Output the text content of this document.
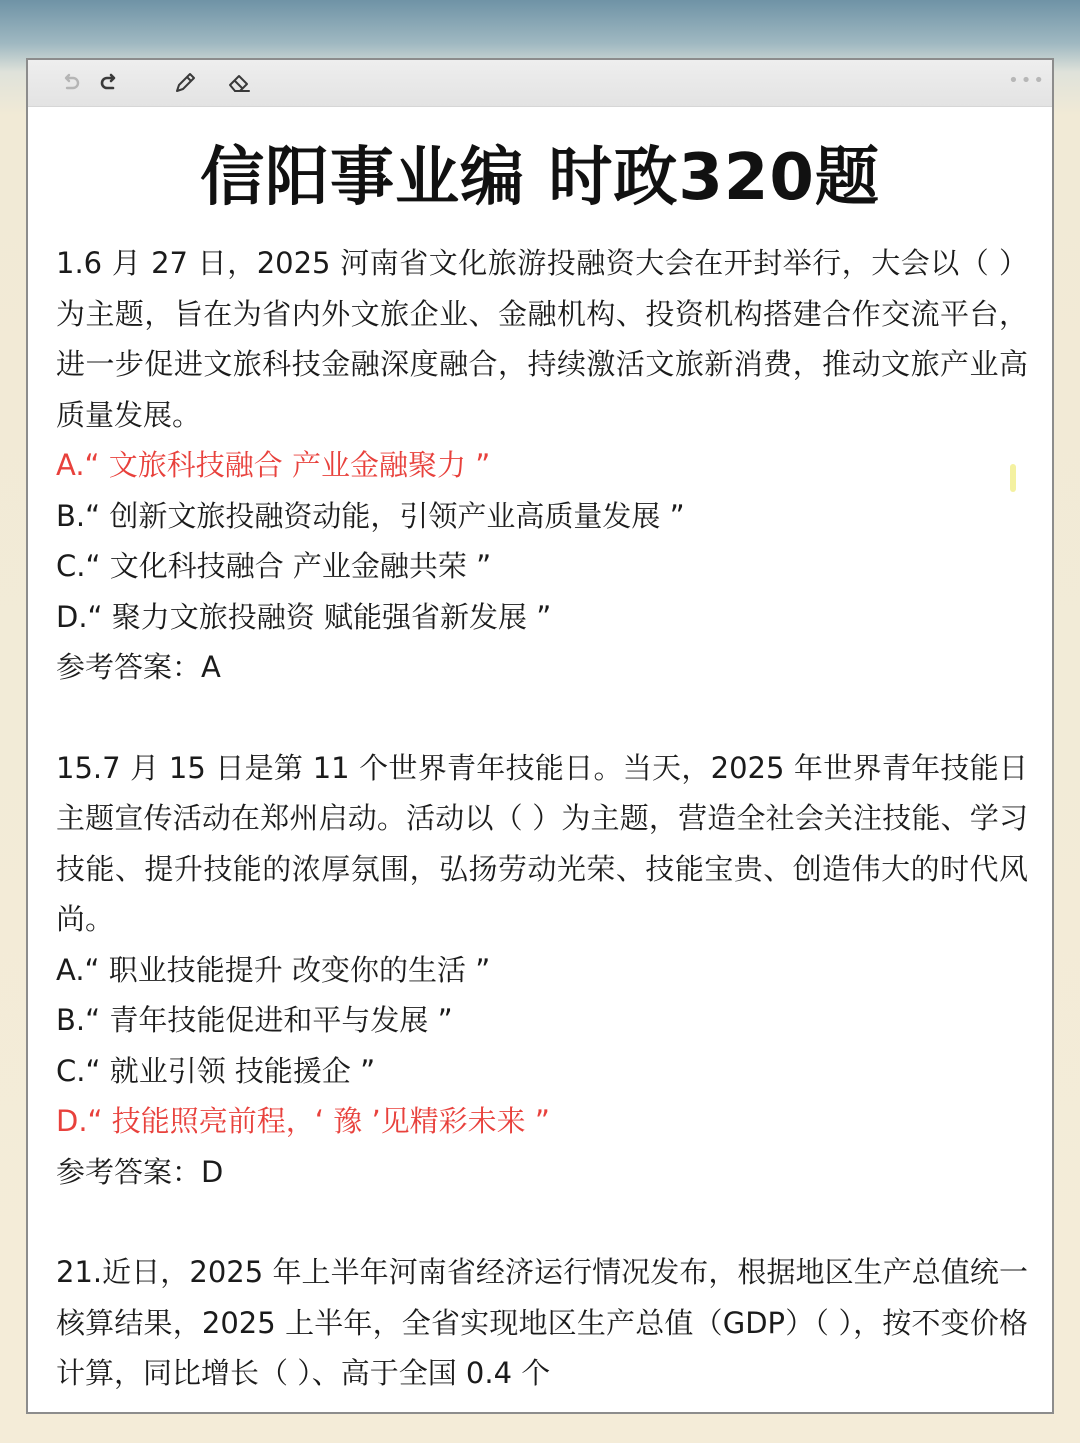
•••
信阳事业编 时政320题

1.6 月 27 日，2025 河南省文化旅游投融资大会在开封举行，大会以（ ）为主题，旨在为省内外文旅企业、金融机构、投资机构搭建合作交流平台，进一步促进文旅科技金融深度融合，持续激活文旅新消费，推动文旅产业高质量发展。

A.“ 文旅科技融合 产业金融聚力 ”

B.“ 创新文旅投融资动能，引领产业高质量发展 ”

C.“ 文化科技融合 产业金融共荣 ”

D.“ 聚力文旅投融资 赋能强省新发展 ”

参考答案：A

15.7 月 15 日是第 11 个世界青年技能日。当天，2025 年世界青年技能日主题宣传活动在郑州启动。活动以（ ）为主题，营造全社会关注技能、学习技能、提升技能的浓厚氛围，弘扬劳动光荣、技能宝贵、创造伟大的时代风尚。

A.“ 职业技能提升 改变你的生活 ”

B.“ 青年技能促进和平与发展 ”

C.“ 就业引领 技能援企 ”

D.“ 技能照亮前程，‘ 豫 ’见精彩未来 ”

参考答案：D

21.近日，2025 年上半年河南省经济运行情况发布，根据地区生产总值统一核算结果，2025 上半年，全省实现地区生产总值（GDP）（ ），按不变价格计算，同比增长（ ）、高于全国 0.4 个
